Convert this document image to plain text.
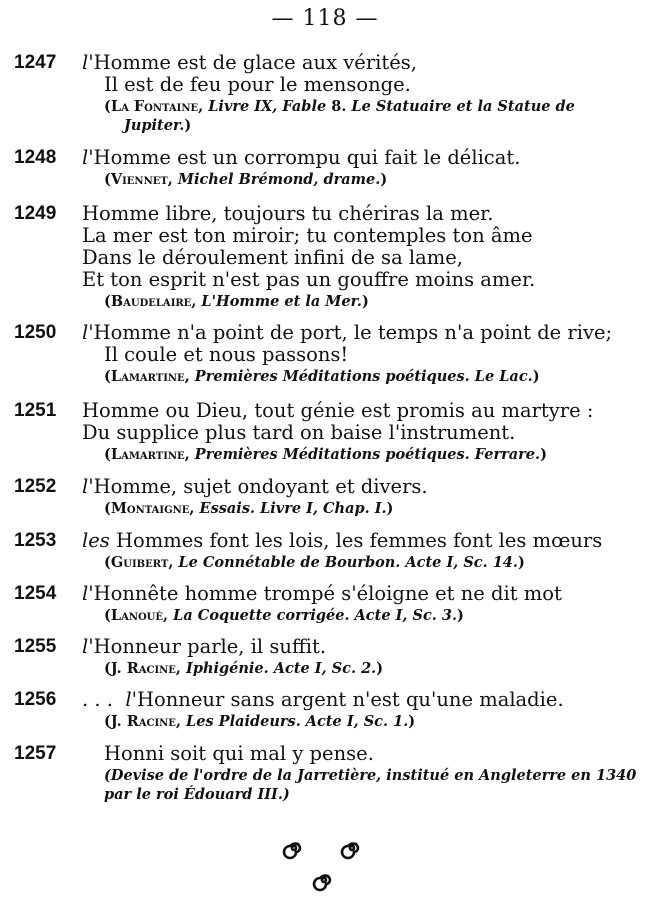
— 118 —
1247 l'Homme est de glace aux vérités,
Il est de feu pour le mensonge.
(La Fontaine, Livre IX, Fable 8. Le Statuaire et la Statue de
Jupiter.)
1248 l'Homme est un corrompu qui fait le délicat.
(Viennet, Michel Brémond, drame.)
1249 Homme libre, toujours tu chériras la mer.
La mer est ton miroir; tu contemples ton âme
Dans le déroulement infini de sa lame,
Et ton esprit n'est pas un gouffre moins amer.
(Baudelaire, L'Homme et la Mer.)
1250 l'Homme n'a point de port, le temps n'a point de rive;
Il coule et nous passons!
(Lamartine, Premières Méditations poétiques. Le Lac.)
1251 Homme ou Dieu, tout génie est promis au martyre :
Du supplice plus tard on baise l'instrument.
(Lamartine, Premières Méditations poétiques. Ferrare.)
1252 l'Homme, sujet ondoyant et divers.
(Montaigne, Essais. Livre I, Chap. I.)
1253 les Hommes font les lois, les femmes font les mœurs
(Guibert, Le Connétable de Bourbon. Acte I, Sc. 14.)
1254 l'Honnête homme trompé s'éloigne et ne dit mot
(Lanoué, La Coquette corrigée. Acte I, Sc. 3.)
1255 l'Honneur parle, il suffit.
(J. Racine, Iphigénie. Acte I, Sc. 2.)
1256 . . .  l'Honneur sans argent n'est qu'une maladie.
(J. Racine, Les Plaideurs. Acte I, Sc. 1.)
1257 Honni soit qui mal y pense.
(Devise de l'ordre de la Jarretière, institué en Angleterre en 1340
par le roi Édouard III.)
